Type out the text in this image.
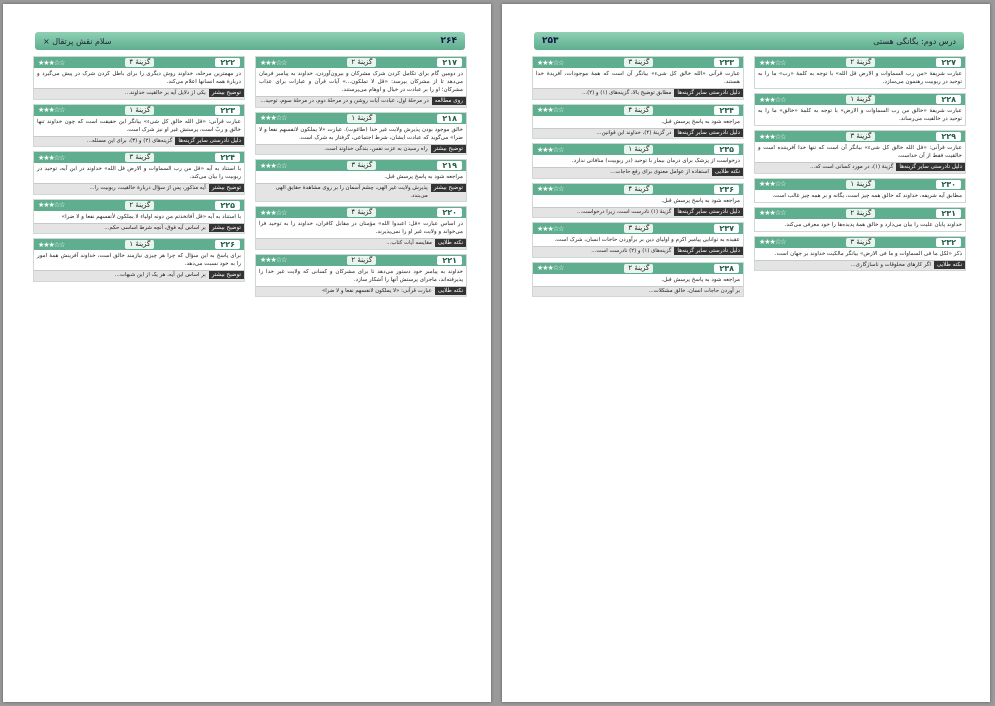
۲۶۴
سلام نقش پرتقال ×
۲۱۷
گزینهٔ ۲
★★★☆☆
در دومین گام برای تکامل کردن شرک مشرکان و بیرون‌آوردن، خداوند به پیامبر فرمان می‌دهد تا از مشرکان بپرسد: «قل لا تملکون...» آیات قرآن و عبارات برای عذاب مشرکان؛ او را بر عبادت در خیال و اوهام می‌پرستند.
روی مطالعه
در مرحلهٔ اول، عبادت آیات روشن و در مرحلهٔ دوم، در مرحلهٔ سوم، توحید...
۲۱۸
گزینهٔ ۱
★★★☆☆
خالق موجود بودن پذیرش ولایت غیر خدا (طاغوت). عبارت «لا یملکون لانفسهم نفعا و لا ضرا» می‌گوید که عبادت ایشان، شرط اجتماعی، گرفتار به شرک است.
توضیح بیشتر
راه رسیدن به عزت نفس، بندگی خداوند است.
۲۱۹
گزینهٔ ۳
★★★☆☆
مراجعه شود به پاسخ پرسش قبل.
توضیح بیشتر
پذیرش ولایت غیر الهی، چشم آسمان را بر روی مشاهدهٔ حقایق الهی می‌بندد.
۲۲۰
گزینهٔ ۴
★★★☆☆
در اساس عبارت «قل: اعبدوا الله» مؤمنان در مقابل کافران، خداوند را به توحید فرا می‌خواند و ولایت غیر او را نمی‌پذیرند.
نکته طلایی
مقایسه آیات کتاب...
۲۲۱
گزینهٔ ۲
★★★☆☆
خداوند به پیامبر خود دستور می‌دهد تا برای مشرکان و کسانی که ولایت غیر خدا را پذیرفته‌اند، ماجرای پرستش آنها را آشکار سازد.
نکته طلایی
عبارت قرآنی: «لا یملکون لانفسهم نفعا و لا ضرا»
۲۲۲
گزینهٔ ۴
★★★☆☆
در مهمترین مرحله، خداوند روش دیگری را برای باطل کردن شرک در پیش می‌گیرد و دربارهٔ همه انسانها اعلام می‌کند.
توضیح بیشتر
یکی از دلایل آیه بر خالقیت خداوند...
۲۲۳
گزینهٔ ۱
★★★☆☆
عبارت قرآنی: «قل الله خالق کل شیء» بیانگر این حقیقت است که چون خداوند تنها خالق و ربّ است، پرستش غیر او نیز شرک است.
دلیل نادرستی سایر گزینه‌ها
گزینه‌های (۲) و (۳)، برای این مسئله...
۲۲۴
گزینهٔ ۳
★★★☆☆
با استناد به آیه «قل من رب السماوات و الارض قل الله» خداوند در این آیه، توحید در ربوبیت را بیان می‌کند.
توضیح بیشتر
آیه مذکور، پس از سؤال دربارهٔ خالقیت، ربوبیت را...
۲۲۵
گزینهٔ ۲
★★★☆☆
با استناد به آیه «قل أفاتخذتم من دونه اولیاء لا یملکون لأنفسهم نفعا و لا ضرا»
توضیح بیشتر
بر اساس آیه فوق، آنچه شرط اساسی حکم...
۲۲۶
گزینهٔ ۱
★★★☆☆
برای پاسخ به این سؤال که چرا هر چیزی نیازمند خالق است، خداوند آفرینش همهٔ امور را به خود نسبت می‌دهد.
توضیح بیشتر
بر اساس این آیه، هر یک از این شبهات...
درس دوم: یگانگی هستی
۲۵۳
۲۲۷
گزینهٔ ۲
★★★☆☆
عبارت شریفهٔ «من رب السماوات و الارض قل الله» با توجه به کلمهٔ «رب» ما را به توحید در ربوبیت رهنمون می‌سازد.
۲۲۸
گزینهٔ ۱
★★★☆☆
عبارت شریفهٔ «خالق من رب السماوات و الارض» با توجه به کلمهٔ «خالق» ما را به توحید در خالقیت می‌رساند.
۲۲۹
گزینهٔ ۳
★★★☆☆
عبارت قرآنی: «قل الله خالق کل شیء» بیانگر آن است که تنها خدا آفریننده است و خالقیت فقط از آن خداست.
دلیل نادرستی سایر گزینه‌ها
گزینهٔ (۱)، در مورد کسانی است که...
۲۳۰
گزینهٔ ۱
★★★☆☆
مطابق آیه شریفه، خداوند که خالق همه چیز است، یگانه و بر همه چیز غالب است.
۲۳۱
گزینهٔ ۲
★★★☆☆
خداوند پایان علیت را بیان می‌دارد و خالق همهٔ پدیده‌ها را خود معرفی می‌کند.
۲۳۲
گزینهٔ ۳
★★★☆☆
ذکر «لکل ما فی السماوات و ما فی الارض» بیانگر مالکیت خداوند بر جهان است.
نکته طلایی
اگر کارهای مخلوقات و ناسازگاری...
۲۳۳
گزینهٔ ۳
★★★☆☆
عبارت قرآنی «الله خالق کل شیء» بیانگر آن است که همهٔ موجودات، آفریدهٔ خدا هستند.
دلیل نادرستی سایر گزینه‌ها
مطابق توضیح بالا، گزینه‌های (۱) و (۲)...
۲۳۴
گزینهٔ ۴
★★★☆☆
مراجعه شود به پاسخ پرسش قبل.
دلیل نادرستی سایر گزینه‌ها
در گزینهٔ (۴)، خداوند این قوانین...
۲۳۵
گزینهٔ ۱
★★★☆☆
درخواست از پزشک برای درمان بیمار با توحید (در ربوبیت) منافاتی ندارد.
نکته طلایی
استفاده از عوامل معنوی برای رفع حاجات...
۲۳۶
گزینهٔ ۴
★★★☆☆
مراجعه شود به پاسخ پرسش قبل.
دلیل نادرستی سایر گزینه‌ها
گزینهٔ (۱) نادرست است، زیرا درخواست...
۲۳۷
گزینهٔ ۳
★★★☆☆
عقیده به توانایی پیامبر اکرم و اولیای دین بر برآوردن حاجات انسان، شرک است.
دلیل نادرستی سایر گزینه‌ها
گزینه‌های (۱) و (۲) نادرست است...
۲۳۸
گزینهٔ ۲
★★★☆☆
مراجعه شود به پاسخ پرسش قبل.
بر آوردن حاجات انسان، خالق مشکلات...
